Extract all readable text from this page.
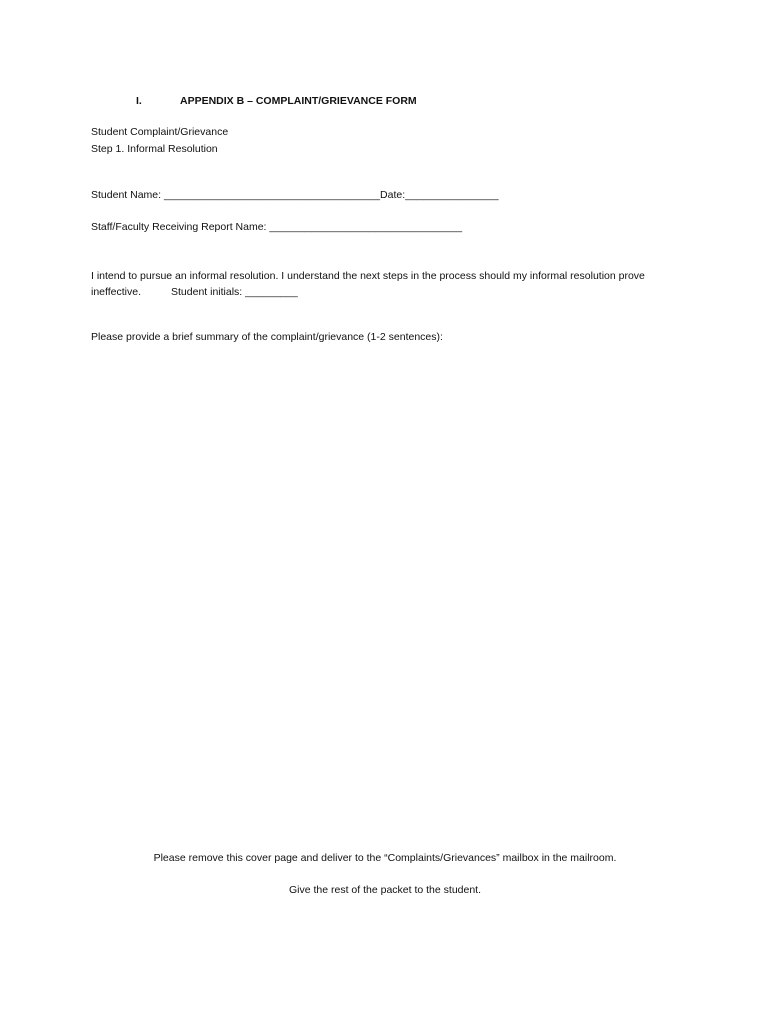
I.	APPENDIX B – COMPLAINT/GRIEVANCE FORM
Student Complaint/Grievance
Step 1. Informal Resolution
Student Name: _____________________________________Date:________________
Staff/Faculty Receiving Report Name: _________________________________
I intend to pursue an informal resolution. I understand the next steps in the process should my informal resolution prove ineffective.	Student initials: _________
Please provide a brief summary of the complaint/grievance (1-2 sentences):
Please remove this cover page and deliver to the “Complaints/Grievances” mailbox in the mailroom.
Give the rest of the packet to the student.
